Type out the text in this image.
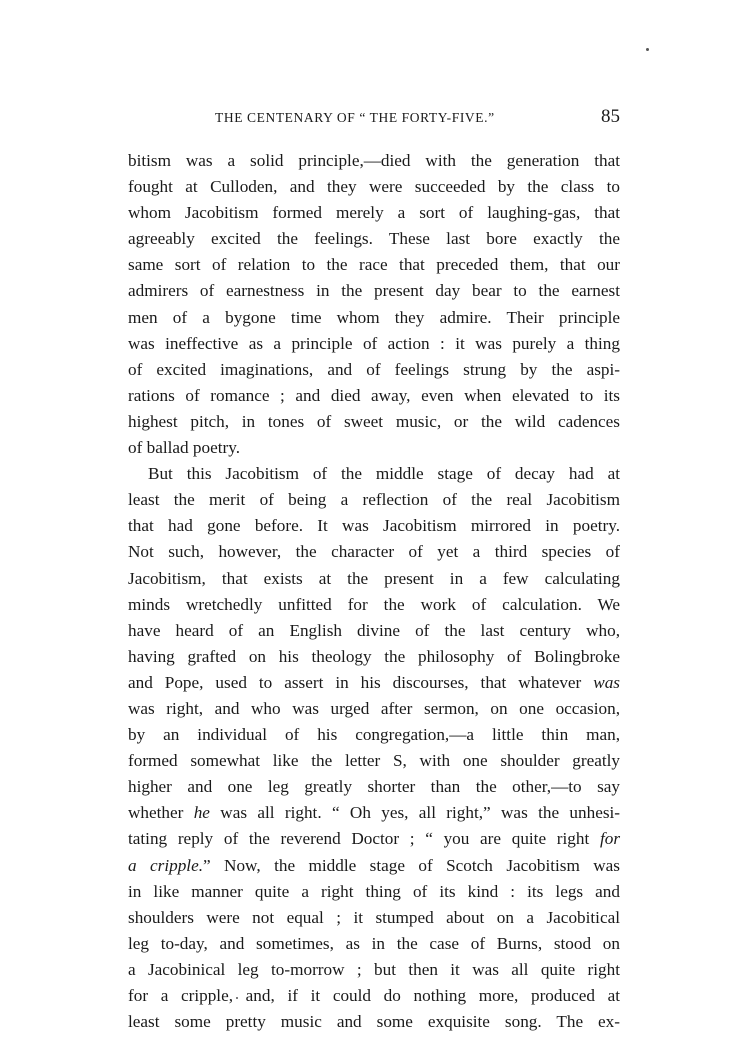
THE CENTENARY OF “ THE FORTY-FIVE.”	85
bitism was a solid principle,—died with the generation that
fought at Culloden, and they were succeeded by the class to
whom Jacobitism formed merely a sort of laughing-gas, that
agreeably excited the feelings. These last bore exactly the
same sort of relation to the race that preceded them, that our
admirers of earnestness in the present day bear to the earnest
men of a bygone time whom they admire. Their principle
was ineffective as a principle of action : it was purely a thing
of excited imaginations, and of feelings strung by the aspi-
rations of romance ; and died away, even when elevated to its
highest pitch, in tones of sweet music, or the wild cadences
of ballad poetry.
But this Jacobitism of the middle stage of decay had at
least the merit of being a reflection of the real Jacobitism
that had gone before. It was Jacobitism mirrored in poetry.
Not such, however, the character of yet a third species of
Jacobitism, that exists at the present in a few calculating
minds wretchedly unfitted for the work of calculation. We
have heard of an English divine of the last century who,
having grafted on his theology the philosophy of Bolingbroke
and Pope, used to assert in his discourses, that whatever was
was right, and who was urged after sermon, on one occasion,
by an individual of his congregation,—a little thin man,
formed somewhat like the letter S, with one shoulder greatly
higher and one leg greatly shorter than the other,—to say
whether he was all right. “ Oh yes, all right,” was the unhesi-
tating reply of the reverend Doctor ; “ you are quite right for
a cripple.” Now, the middle stage of Scotch Jacobitism was
in like manner quite a right thing of its kind : its legs and
shoulders were not equal ; it stumped about on a Jacobitical
leg to-day, and sometimes, as in the case of Burns, stood on
a Jacobinical leg to-morrow ; but then it was all quite right
for a cripple, and, if it could do nothing more, produced at
least some pretty music and some exquisite song. The ex-
